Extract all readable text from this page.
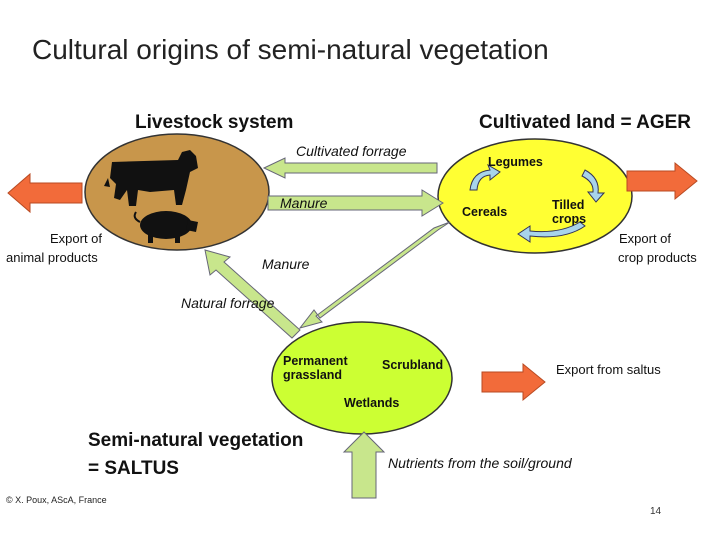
Cultural origins of semi-natural vegetation
Livestock system	Cultivated land = AGER
Semi-natural vegetation
= SALTUS
Cultivated forrage
Manure
Manure
Natural forrage
Nutrients from the soil/ground
Export of
animal products
Export of
crop products
Export from saltus
Legumes
Cereals	Tilled
crops
Permanent
grassland
Scrubland
Wetlands
© X. Poux, AScA, France
14
